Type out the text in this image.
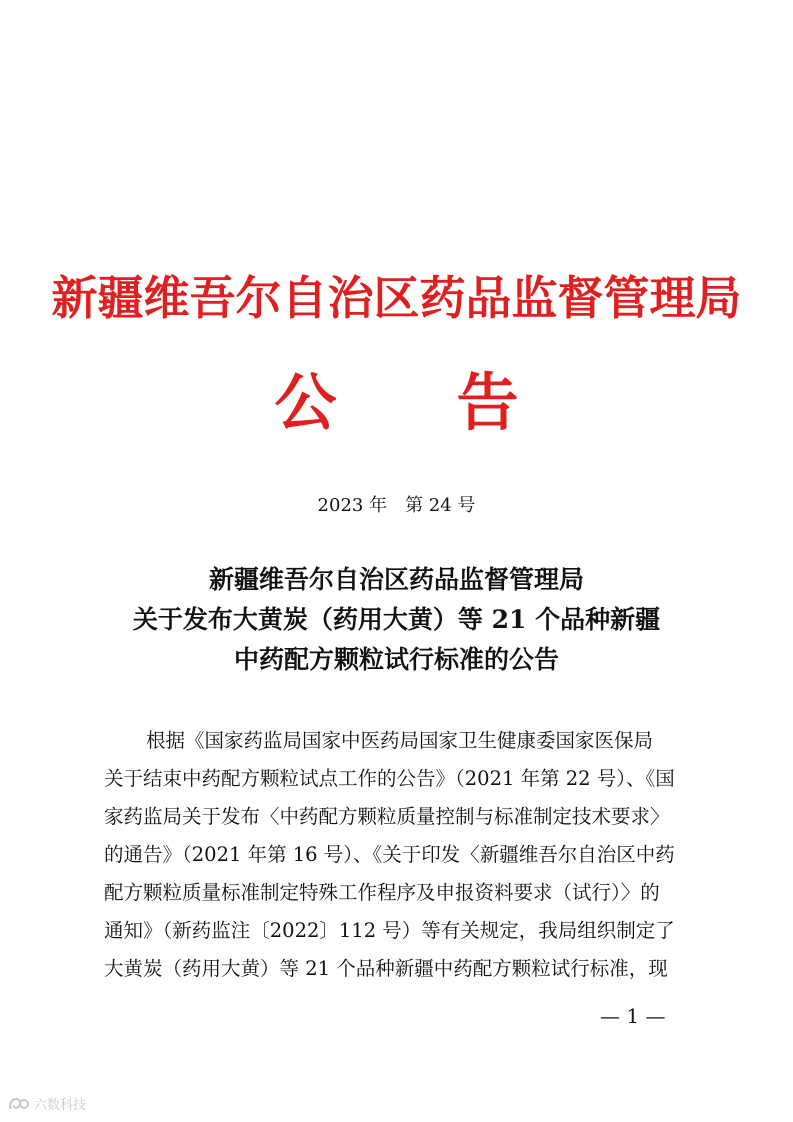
新疆维吾尔自治区药品监督管理局
公 告
2023 年　第 24 号
新疆维吾尔自治区药品监督管理局
关于发布大黄炭（药用大黄）等 21 个品种新疆
中药配方颗粒试行标准的公告
根据《国家药监局国家中医药局国家卫生健康委国家医保局
关于结束中药配方颗粒试点工作的公告》（2021 年第 22 号）、《国
家药监局关于发布〈中药配方颗粒质量控制与标准制定技术要求〉
的通告》（2021 年第 16 号）、《关于印发〈新疆维吾尔自治区中药
配方颗粒质量标准制定特殊工作程序及申报资料要求（试行）〉的
通知》（新药监注〔2022〕112 号）等有关规定，我局组织制定了
大黄炭（药用大黄）等 21 个品种新疆中药配方颗粒试行标准，现
— 1 —
六数科技
